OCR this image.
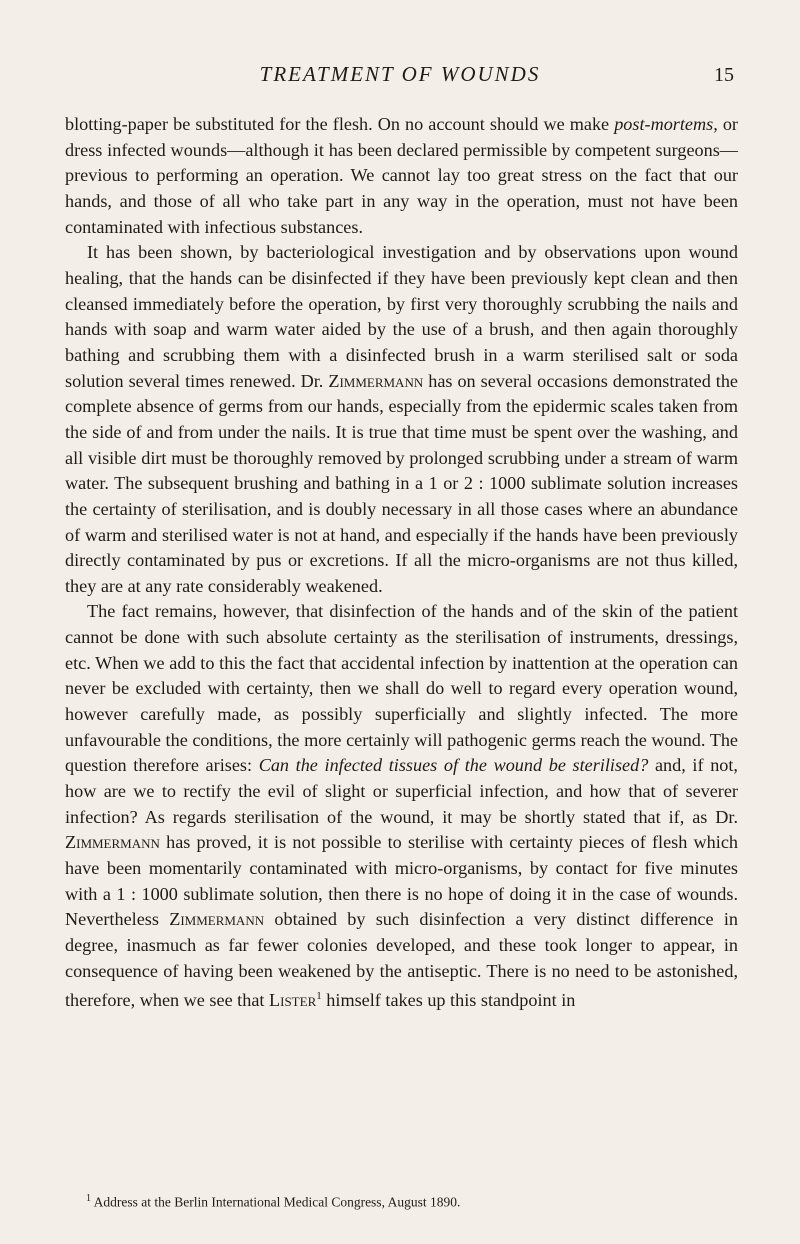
TREATMENT OF WOUNDS	15

blotting-paper be substituted for the flesh. On no account should we make post-mortems, or dress infected wounds—although it has been declared permissible by competent surgeons—previous to performing an operation. We cannot lay too great stress on the fact that our hands, and those of all who take part in any way in the operation, must not have been contaminated with infectious substances.

It has been shown, by bacteriological investigation and by observations upon wound healing, that the hands can be disinfected if they have been previously kept clean and then cleansed immediately before the operation, by first very thoroughly scrubbing the nails and hands with soap and warm water aided by the use of a brush, and then again thoroughly bathing and scrubbing them with a disinfected brush in a warm sterilised salt or soda solution several times renewed. Dr. Zimmermann has on several occasions demonstrated the complete absence of germs from our hands, especially from the epidermic scales taken from the side of and from under the nails. It is true that time must be spent over the washing, and all visible dirt must be thoroughly removed by prolonged scrubbing under a stream of warm water. The subsequent brushing and bathing in a 1 or 2 : 1000 sublimate solution increases the certainty of sterilisation, and is doubly necessary in all those cases where an abundance of warm and sterilised water is not at hand, and especially if the hands have been previously directly contaminated by pus or excretions. If all the micro-organisms are not thus killed, they are at any rate considerably weakened.

The fact remains, however, that disinfection of the hands and of the skin of the patient cannot be done with such absolute certainty as the sterilisation of instruments, dressings, etc. When we add to this the fact that accidental infection by inattention at the operation can never be excluded with certainty, then we shall do well to regard every operation wound, however carefully made, as possibly superficially and slightly infected. The more unfavourable the conditions, the more certainly will pathogenic germs reach the wound. The question therefore arises: Can the infected tissues of the wound be sterilised? and, if not, how are we to rectify the evil of slight or superficial infection, and how that of severer infection? As regards sterilisation of the wound, it may be shortly stated that if, as Dr. Zimmermann has proved, it is not possible to sterilise with certainty pieces of flesh which have been momentarily contaminated with micro-organisms, by contact for five minutes with a 1 : 1000 sublimate solution, then there is no hope of doing it in the case of wounds. Nevertheless Zimmermann obtained by such disinfection a very distinct difference in degree, inasmuch as far fewer colonies developed, and these took longer to appear, in consequence of having been weakened by the antiseptic. There is no need to be astonished, therefore, when we see that Lister$^1$ himself takes up this standpoint in

$^1$ Address at the Berlin International Medical Congress, August 1890.
